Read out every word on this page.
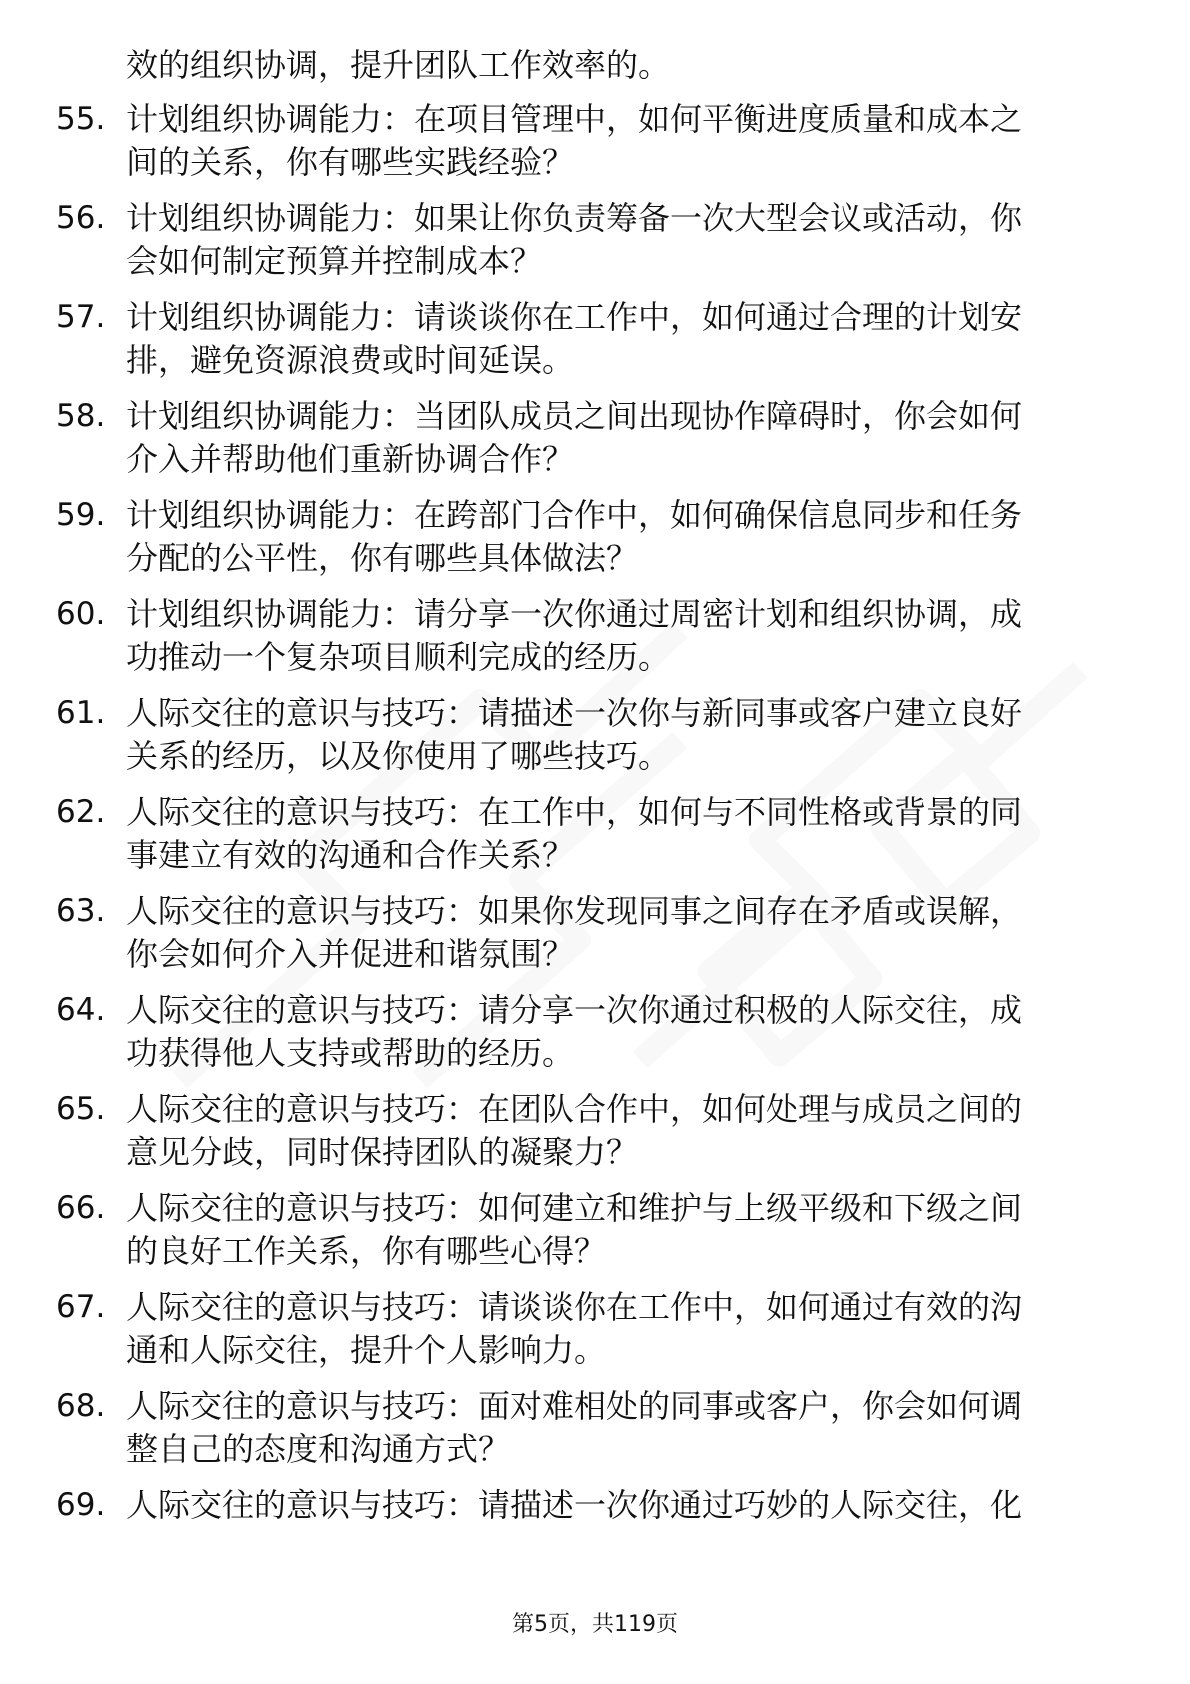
效的组织协调，提升团队工作效率的。
55. 计划组织协调能力：在项目管理中，如何平衡进度质量和成本之
间的关系，你有哪些实践经验？
56. 计划组织协调能力：如果让你负责筹备一次大型会议或活动，你
会如何制定预算并控制成本？
57. 计划组织协调能力：请谈谈你在工作中，如何通过合理的计划安
排，避免资源浪费或时间延误。
58. 计划组织协调能力：当团队成员之间出现协作障碍时，你会如何
介入并帮助他们重新协调合作？
59. 计划组织协调能力：在跨部门合作中，如何确保信息同步和任务
分配的公平性，你有哪些具体做法？
60. 计划组织协调能力：请分享一次你通过周密计划和组织协调，成
功推动一个复杂项目顺利完成的经历。
61. 人际交往的意识与技巧：请描述一次你与新同事或客户建立良好
关系的经历，以及你使用了哪些技巧。
62. 人际交往的意识与技巧：在工作中，如何与不同性格或背景的同
事建立有效的沟通和合作关系？
63. 人际交往的意识与技巧：如果你发现同事之间存在矛盾或误解，
你会如何介入并促进和谐氛围？
64. 人际交往的意识与技巧：请分享一次你通过积极的人际交往，成
功获得他人支持或帮助的经历。
65. 人际交往的意识与技巧：在团队合作中，如何处理与成员之间的
意见分歧，同时保持团队的凝聚力？
66. 人际交往的意识与技巧：如何建立和维护与上级平级和下级之间
的良好工作关系，你有哪些心得？
67. 人际交往的意识与技巧：请谈谈你在工作中，如何通过有效的沟
通和人际交往，提升个人影响力。
68. 人际交往的意识与技巧：面对难相处的同事或客户，你会如何调
整自己的态度和沟通方式？
69. 人际交往的意识与技巧：请描述一次你通过巧妙的人际交往，化
第5页，共119页
